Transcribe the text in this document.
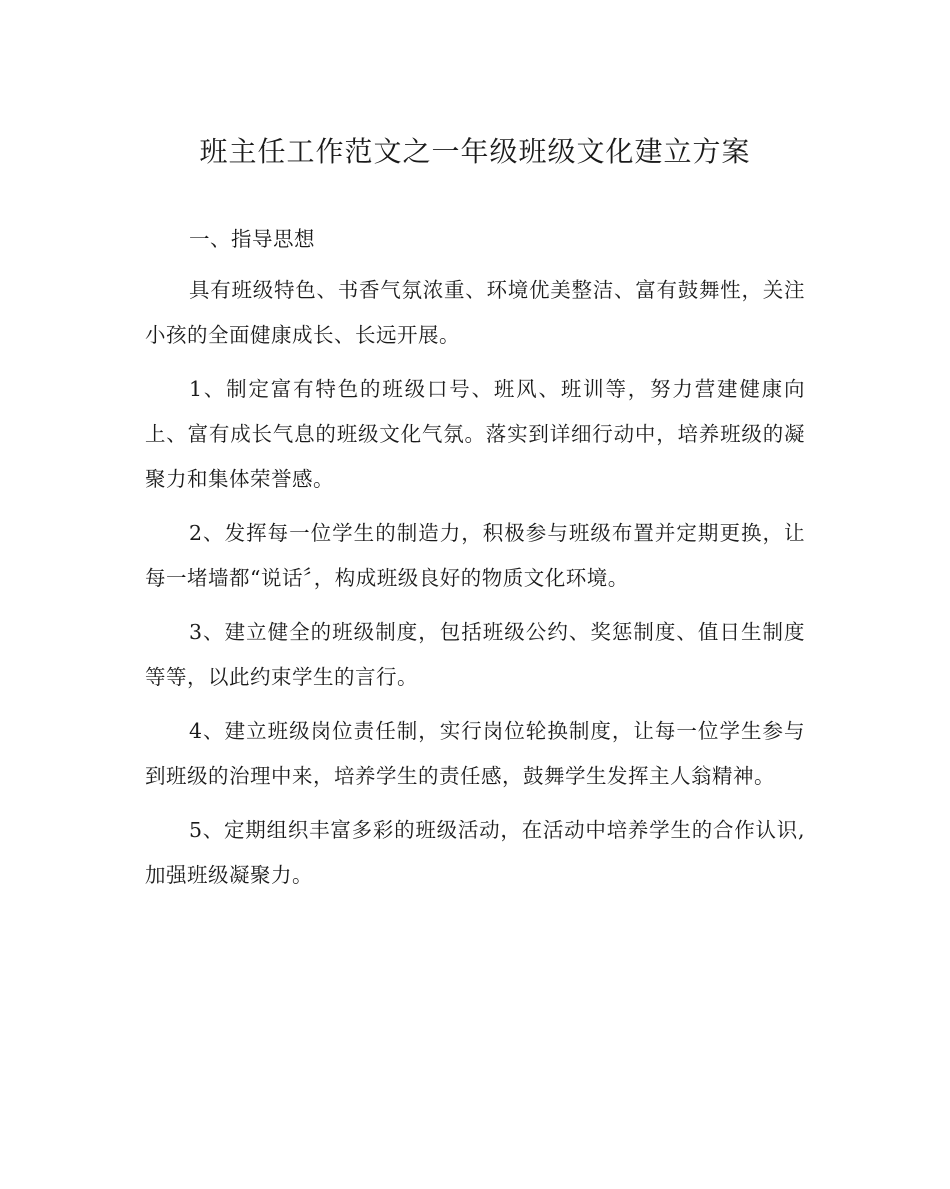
班主任工作范文之一年级班级文化建立方案

一、指导思想

具有班级特色、书香气氛浓重、环境优美整洁、富有鼓舞性，关注小孩的全面健康成长、长远开展。

1、制定富有特色的班级口号、班风、班训等，努力营建健康向上、富有成长气息的班级文化气氛。落实到详细行动中，培养班级的凝聚力和集体荣誉感。

2、发挥每一位学生的制造力，积极参与班级布置并定期更换，让每一堵墙都“说话〞，构成班级良好的物质文化环境。

3、建立健全的班级制度，包括班级公约、奖惩制度、值日生制度等等，以此约束学生的言行。

4、建立班级岗位责任制，实行岗位轮换制度，让每一位学生参与到班级的治理中来，培养学生的责任感，鼓舞学生发挥主人翁精神。

5、定期组织丰富多彩的班级活动，在活动中培养学生的合作认识,加强班级凝聚力。
